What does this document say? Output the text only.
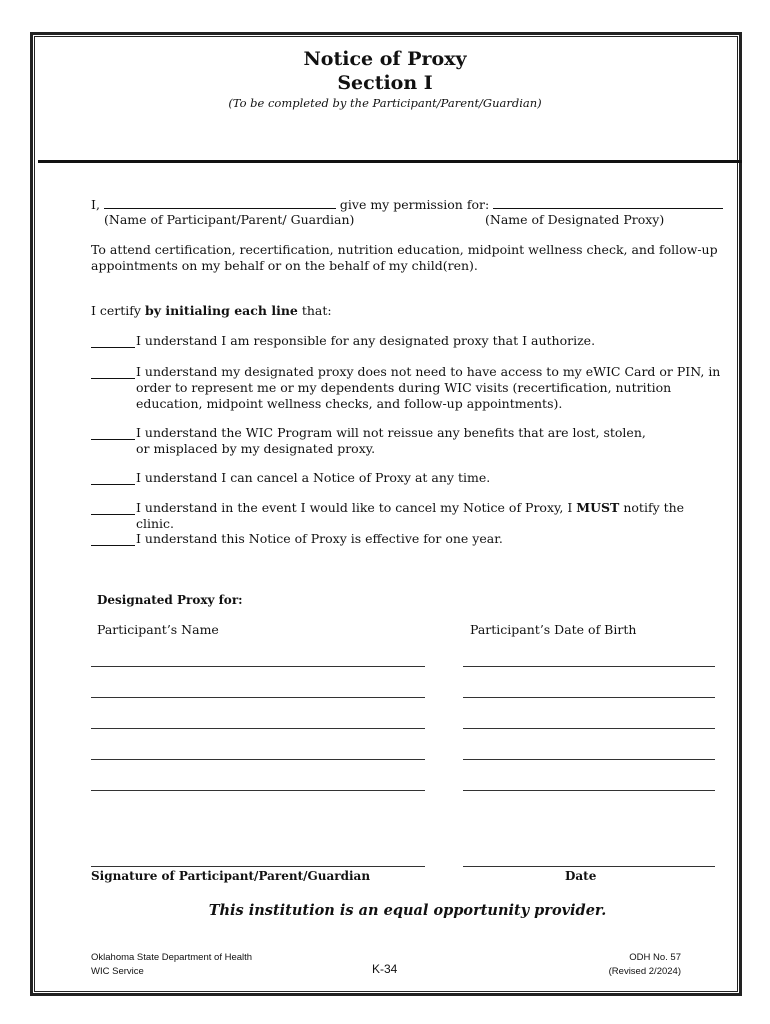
Notice of Proxy
Section I
(To be completed by the Participant/Parent/Guardian)
I,	give my permission for:
(Name of Participant/Parent/ Guardian)	(Name of Designated Proxy)
To attend certification, recertification, nutrition education, midpoint wellness check, and follow-up appointments on my behalf or on the behalf of my child(ren).
I certify by initialing each line that:
I understand I am responsible for any designated proxy that I authorize.
I understand my designated proxy does not need to have access to my eWIC Card or PIN, in order to represent me or my dependents during WIC visits (recertification, nutrition education, midpoint wellness checks, and follow-up appointments).
I understand the WIC Program will not reissue any benefits that are lost, stolen, or misplaced by my designated proxy.
I understand I can cancel a Notice of Proxy at any time.
I understand in the event I would like to cancel my Notice of Proxy, I MUST notify the clinic.
I understand this Notice of Proxy is effective for one year.
Designated Proxy for:
Participant’s Name	Participant’s Date of Birth
Signature of Participant/Parent/Guardian	Date
This institution is an equal opportunity provider.
Oklahoma State Department of Health
WIC Service	K-34
ODH No. 57
(Revised 2/2024)
